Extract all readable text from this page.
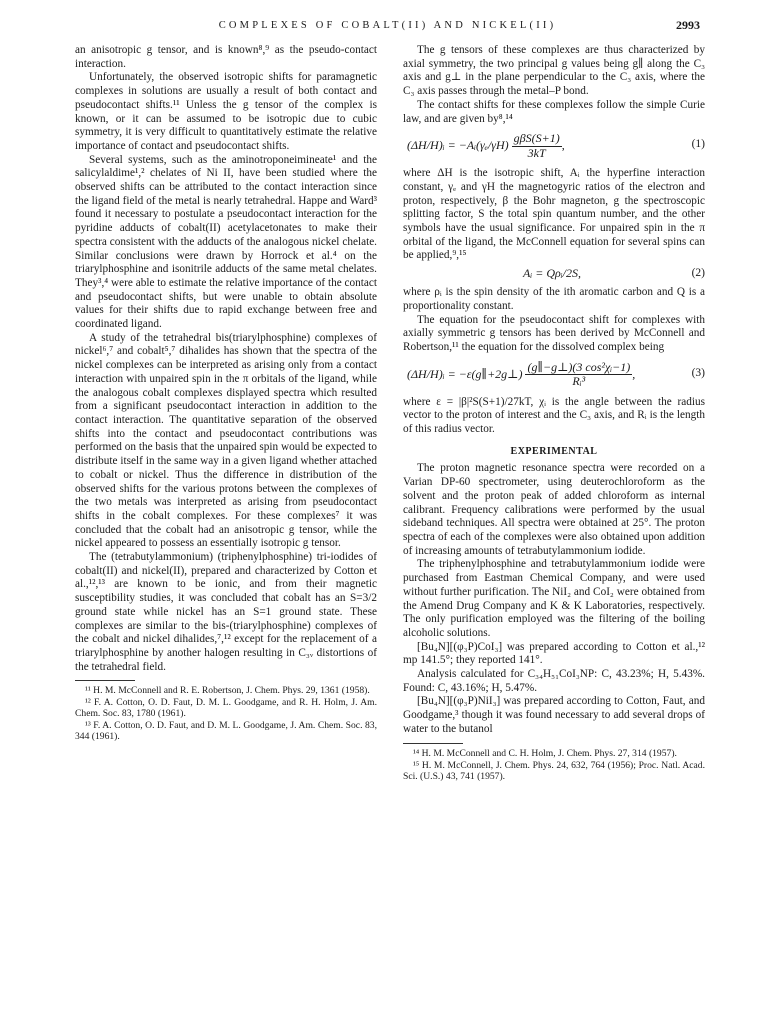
COMPLEXES OF COBALT(II) AND NICKEL(II)	2993

an anisotropic g tensor, and is known⁸,⁹ as the pseudo-contact interaction.

Unfortunately, the observed isotropic shifts for paramagnetic complexes in solutions are usually a result of both contact and pseudocontact shifts.¹¹ Unless the g tensor of the complex is known, or it can be assumed to be isotropic due to cubic symmetry, it is very difficult to quantitatively estimate the relative importance of contact and pseudocontact shifts.

Several systems, such as the aminotroponeimineate¹ and the salicylaldime¹,² chelates of Ni II, have been studied where the observed shifts can be attributed to the contact interaction since the ligand field of the metal is nearly tetrahedral. Happe and Ward³ found it necessary to postulate a pseudocontact interaction for the pyridine adducts of cobalt(II) acetylacetonates to make their spectra consistent with the adducts of the analogous nickel chelate. Similar conclusions were drawn by Horrock et al.⁴ on the triarylphosphine and isonitrile adducts of the same metal chelates. They³,⁴ were able to estimate the relative importance of the contact and pseudocontact shifts, but were unable to obtain absolute values for their shifts due to rapid exchange between free and coordinated ligand.

A study of the tetrahedral bis(triarylphosphine) complexes of nickel⁶,⁷ and cobalt⁵,⁷ dihalides has shown that the spectra of the nickel complexes can be interpreted as arising only from a contact interaction with unpaired spin in the π orbitals of the ligand, while the analogous cobalt complexes displayed spectra which resulted from a significant pseudocontact interaction in addition to the contact interaction. The quantitative separation of the observed shifts into the contact and pseudocontact contributions was performed on the basis that the unpaired spin would be expected to distribute itself in the same way in a given ligand whether attached to cobalt or nickel. Thus the difference in distribution of the observed shifts for the various protons between the complexes of the two metals was interpreted as arising from pseudocontact shifts in the cobalt complexes. For these complexes⁷ it was concluded that the cobalt had an anisotropic g tensor, while the nickel appeared to possess an essentially isotropic g tensor.

The (tetrabutylammonium) (triphenylphosphine) tri-iodides of cobalt(II) and nickel(II), prepared and characterized by Cotton et al.,¹²,¹³ are known to be ionic, and from their magnetic susceptibility studies, it was concluded that cobalt has an S=3/2 ground state while nickel has an S=1 ground state. These complexes are similar to the bis-(triarylphosphine) complexes of the cobalt and nickel dihalides,⁷,¹² except for the replacement of a triarylphosphine by another halogen resulting in C₃ᵥ distortions of the tetrahedral field.

¹¹ H. M. McConnell and R. E. Robertson, J. Chem. Phys. 29, 1361 (1958).

¹² F. A. Cotton, O. D. Faut, D. M. L. Goodgame, and R. H. Holm, J. Am. Chem. Soc. 83, 1780 (1961).

¹³ F. A. Cotton, O. D. Faut, and D. M. L. Goodgame, J. Am. Chem. Soc. 83, 344 (1961).

The g tensors of these complexes are thus characterized by axial symmetry, the two principal g values being g∥ along the C₃ axis and g⊥ in the plane perpendicular to the C₃ axis, where the C₃ axis passes through the metal–P bond.

The contact shifts for these complexes follow the simple Curie law, and are given by⁸,¹⁴

(ΔH/H)ᵢ = −Aᵢ(γₑ/γH) $\frac{\text{gβS(S+1)}}{3kT}$ ,	(1)

where ΔH is the isotropic shift, Aᵢ the hyperfine interaction constant, γₑ and γH the magnetogyric ratios of the electron and proton, respectively, β the Bohr magneton, g the spectroscopic splitting factor, S the total spin quantum number, and the other symbols have the usual significance. For unpaired spin in the π orbital of the ligand, the McConnell equation for several spins can be applied,⁹,¹⁵

Aᵢ = Qρᵢ/2S,	(2)

where ρᵢ is the spin density of the ith aromatic carbon and Q is a proportionality constant.

The equation for the pseudocontact shift for complexes with axially symmetric g tensors has been derived by McConnell and Robertson,¹¹ the equation for the dissolved complex being

(ΔH/H)ᵢ = −ε(g∥+2g⊥) $\frac{\text{(g∥−g⊥)(3 cos²χᵢ−1)}}{\text{Rᵢ³}}$ ,	(3)

where ε = |β|²S(S+1)/27kT, χᵢ is the angle between the radius vector to the proton of interest and the C₃ axis, and Rᵢ is the length of this radius vector.

EXPERIMENTAL

The proton magnetic resonance spectra were recorded on a Varian DP-60 spectrometer, using deuterochloroform as the solvent and the proton peak of added chloroform as internal calibrant. Frequency calibrations were performed by the usual sideband techniques. All spectra were obtained at 25°. The proton spectra of each of the complexes were also obtained upon addition of increasing amounts of tetrabutylammonium iodide.

The triphenylphosphine and tetrabutylammonium iodide were purchased from Eastman Chemical Company, and were used without further purification. The NiI₂ and CoI₂ were obtained from the Amend Drug Company and K & K Laboratories, respectively. The only purification employed was the filtering of the boiling alcoholic solutions.

[Bu₄N][(φ₃P)CoI₃] was prepared according to Cotton et al.,¹² mp 141.5°; they reported 141°.

Analysis calculated for C₃₄H₅₁CoI₃NP: C, 43.23%; H, 5.43%. Found: C, 43.16%; H, 5.47%.

[Bu₄N][(φ₃P)NiI₃] was prepared according to Cotton, Faut, and Goodgame,³ though it was found necessary to add several drops of water to the butanol

¹⁴ H. M. McConnell and C. H. Holm, J. Chem. Phys. 27, 314 (1957).

¹⁵ H. M. McConnell, J. Chem. Phys. 24, 632, 764 (1956); Proc. Natl. Acad. Sci. (U.S.) 43, 741 (1957).
